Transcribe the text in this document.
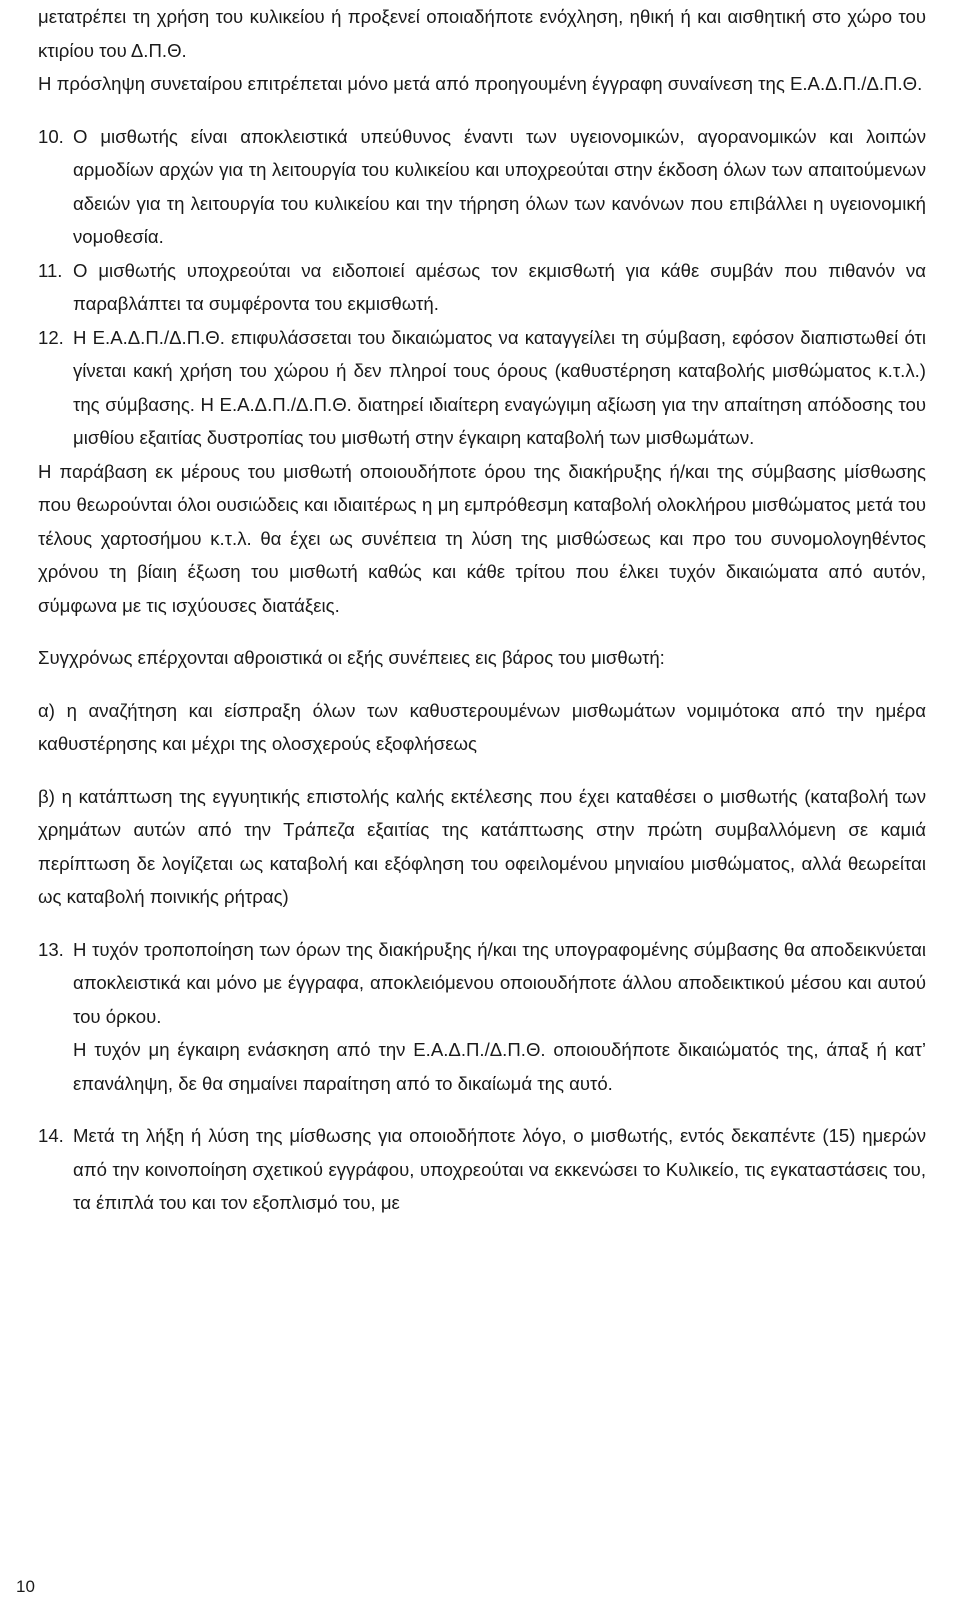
μετατρέπει τη χρήση του κυλικείου ή προξενεί οποιαδήποτε ενόχληση, ηθική ή και αισθητική στο χώρο του κτιρίου του Δ.Π.Θ.

Η πρόσληψη συνεταίρου επιτρέπεται μόνο μετά από προηγουμένη έγγραφη συναίνεση της Ε.Α.Δ.Π./Δ.Π.Θ.

10. Ο μισθωτής είναι αποκλειστικά υπεύθυνος έναντι των υγειονομικών, αγορανομικών και λοιπών αρμοδίων αρχών για τη λειτουργία του κυλικείου και υποχρεούται στην έκδοση όλων των απαιτούμενων αδειών για τη λειτουργία του κυλικείου και την τήρηση όλων των κανόνων που επιβάλλει η υγειονομική νομοθεσία.
11. Ο μισθωτής υποχρεούται να ειδοποιεί αμέσως τον εκμισθωτή για κάθε συμβάν που πιθανόν να παραβλάπτει τα συμφέροντα του εκμισθωτή.
12. Η Ε.Α.Δ.Π./Δ.Π.Θ. επιφυλάσσεται του δικαιώματος να καταγγείλει τη σύμβαση, εφόσον διαπιστωθεί ότι γίνεται κακή χρήση του χώρου ή δεν πληροί τους όρους (καθυστέρηση καταβολής μισθώματος κ.τ.λ.) της σύμβασης. Η Ε.Α.Δ.Π./Δ.Π.Θ. διατηρεί ιδιαίτερη εναγώγιμη αξίωση για την απαίτηση απόδοσης του μισθίου εξαιτίας δυστροπίας του μισθωτή στην έγκαιρη καταβολή των μισθωμάτων.

Η παράβαση εκ μέρους του μισθωτή οποιουδήποτε όρου της διακήρυξης ή/και της σύμβασης μίσθωσης που θεωρούνται όλοι ουσιώδεις και ιδιαιτέρως η μη εμπρόθεσμη καταβολή ολοκλήρου μισθώματος μετά του τέλους χαρτοσήμου κ.τ.λ. θα έχει ως συνέπεια τη λύση της μισθώσεως και προ του συνομολογηθέντος χρόνου τη βίαιη έξωση του μισθωτή καθώς και κάθε τρίτου που έλκει τυχόν δικαιώματα από αυτόν, σύμφωνα με τις ισχύουσες διατάξεις.

Συγχρόνως επέρχονται αθροιστικά οι εξής συνέπειες εις βάρος του μισθωτή:

α) η αναζήτηση και είσπραξη όλων των καθυστερουμένων μισθωμάτων νομιμότοκα από την ημέρα καθυστέρησης και μέχρι της ολοσχερούς εξοφλήσεως

β) η κατάπτωση της εγγυητικής επιστολής καλής εκτέλεσης που έχει καταθέσει ο μισθωτής (καταβολή των χρημάτων αυτών από την Τράπεζα εξαιτίας της κατάπτωσης στην πρώτη συμβαλλόμενη σε καμιά περίπτωση δε λογίζεται ως καταβολή και εξόφληση του οφειλομένου μηνιαίου μισθώματος, αλλά θεωρείται ως καταβολή ποινικής ρήτρας)

13. Η τυχόν τροποποίηση των όρων της διακήρυξης ή/και της υπογραφομένης σύμβασης θα αποδεικνύεται αποκλειστικά και μόνο με έγγραφα, αποκλειόμενου οποιουδήποτε άλλου αποδεικτικού μέσου και αυτού του όρκου.
Η τυχόν μη έγκαιρη ενάσκηση από την Ε.Α.Δ.Π./Δ.Π.Θ. οποιουδήποτε δικαιώματός της, άπαξ ή κατ’ επανάληψη, δε θα σημαίνει παραίτηση από το δικαίωμά της αυτό.
14. Μετά τη λήξη ή λύση της μίσθωσης για οποιοδήποτε λόγο, ο μισθωτής, εντός δεκαπέντε (15) ημερών από την κοινοποίηση σχετικού εγγράφου, υποχρεούται να εκκενώσει το Κυλικείο, τις εγκαταστάσεις του, τα έπιπλά του και τον εξοπλισμό του, με
10
